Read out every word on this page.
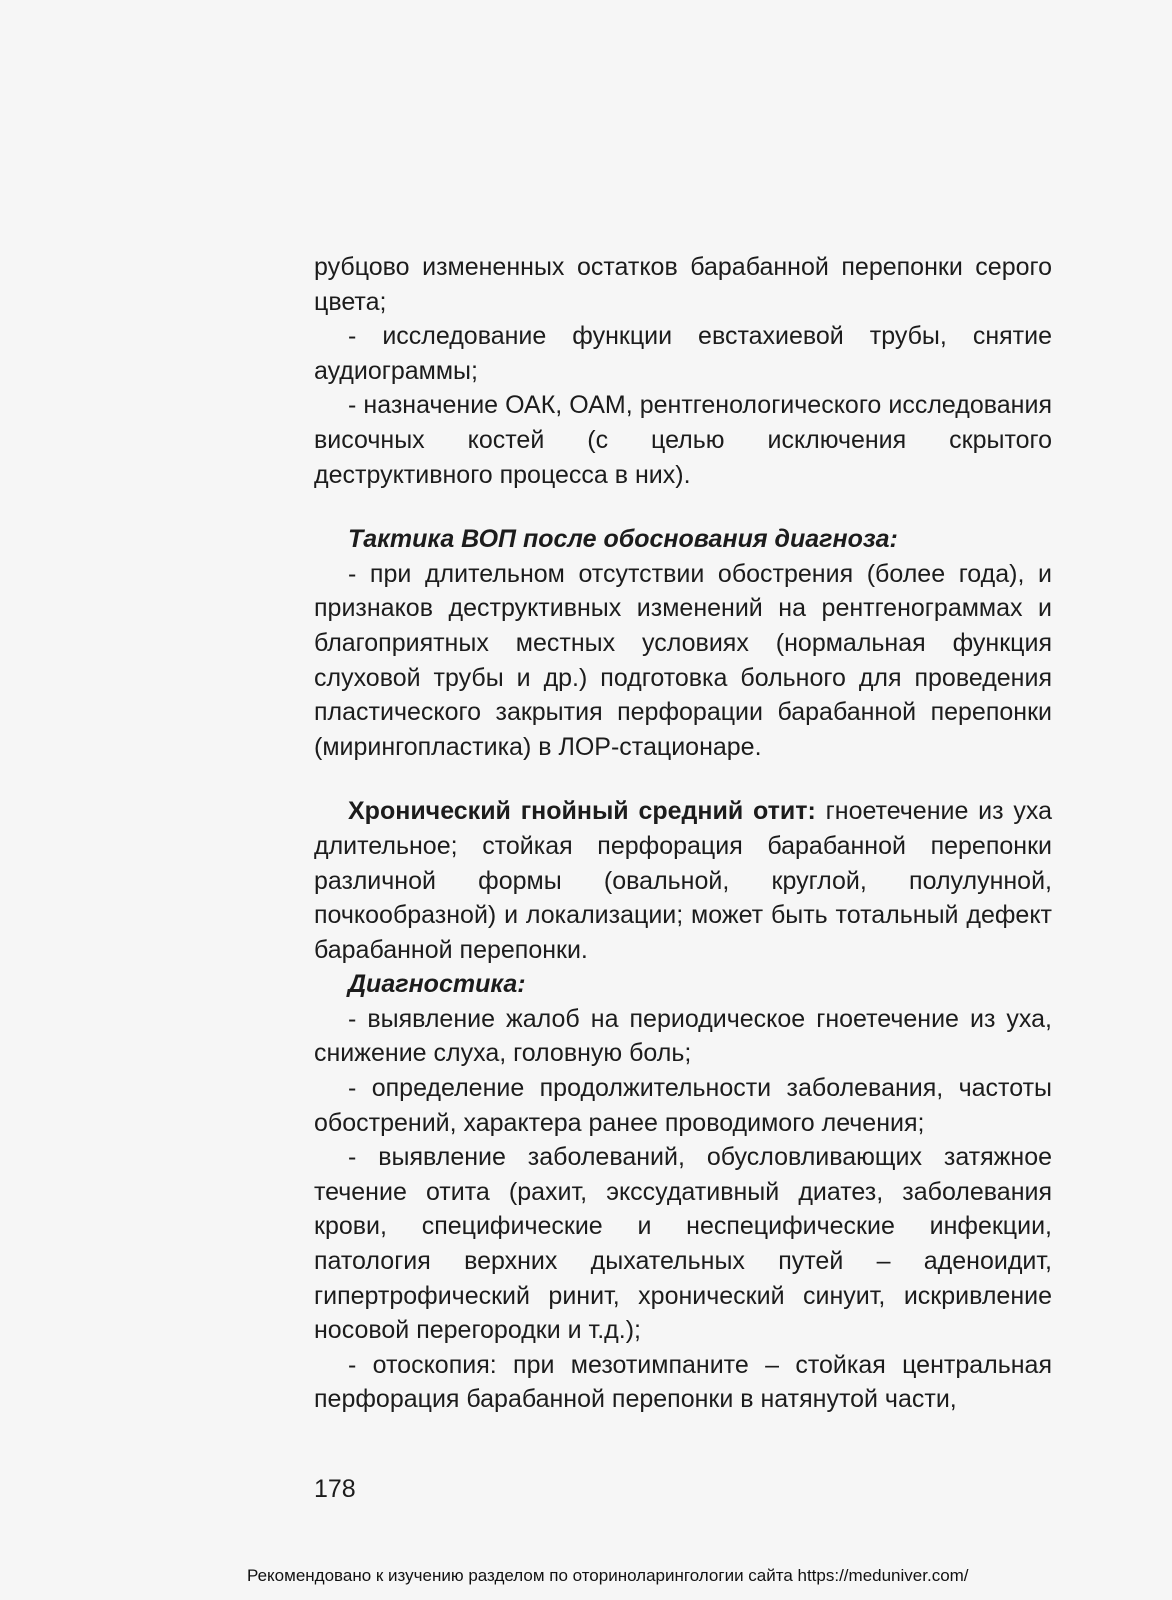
рубцово измененных остатков барабанной перепонки серого цвета;

- исследование функции евстахиевой трубы, снятие аудиограммы;

- назначение ОАК, ОАМ, рентгенологического исследования височных костей (с целью исключения скрытого деструктивного процесса в них).

Тактика ВОП после обоснования диагноза:

- при длительном отсутствии обострения (более года), и признаков деструктивных изменений на рентгенограммах и благоприятных местных условиях (нормальная функция слуховой трубы и др.) подготовка больного для проведения пластического закрытия перфорации барабанной перепонки (мирингопластика) в ЛОР-стационаре.

Хронический гнойный средний отит: гноетечение из уха длительное; стойкая перфорация барабанной перепонки различной формы (овальной, круглой, полулунной, почкообразной) и локализации; может быть тотальный дефект барабанной перепонки.

Диагностика:

- выявление жалоб на периодическое гноетечение из уха, снижение слуха, головную боль;

- определение продолжительности заболевания, частоты обострений, характера ранее проводимого лечения;

- выявление заболеваний, обусловливающих затяжное течение отита (рахит, экссудативный диатез, заболевания крови, специфические и неспецифические инфекции, патология верхних дыхательных путей – аденоидит, гипертрофический ринит, хронический синуит, искривление носовой перегородки и т.д.);

- отоскопия: при мезотимпаните – стойкая центральная перфорация барабанной перепонки в натянутой части,

178
Рекомендовано к изучению разделом по оториноларингологии сайта https://meduniver.com/
